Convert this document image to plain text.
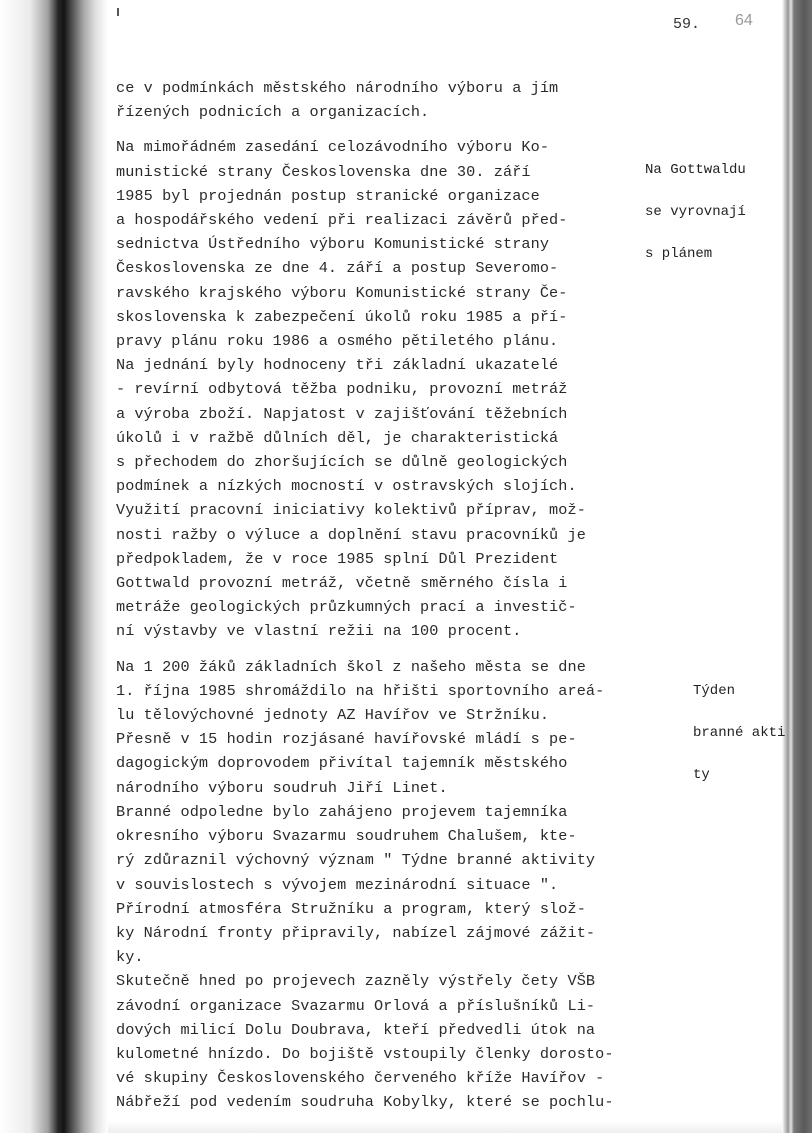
59. 64

Na Gottwaldu

se vyrovnají

s plánem

Týden

branné akti

ty

ce v podmínkách městského národního výboru a jím
řízených podnicích a organizacích.
Na mimořádném zasedání celozávodního výboru Ko-
munistické strany Československa dne 30. září
1985 byl projednán postup stranické organizace
a hospodářského vedení při realizaci závěrů před-
sednictva Ústředního výboru Komunistické strany
Československa ze dne 4. září a postup Severomo-
ravského krajského výboru Komunistické strany Če-
skoslovenska k zabezpečení úkolů roku 1985 a pří-
pravy plánu roku 1986 a osmého pětiletého plánu.
Na jednání byly hodnoceny tři základní ukazatelé
- revírní odbytová těžba podniku, provozní metráž
a výroba zboží. Napjatost v zajišťování těžebních
úkolů i v ražbě důlních děl, je charakteristická
s přechodem do zhoršujících se důlně geologických
podmínek a nízkých mocností v ostravských slojích.
Využití pracovní iniciativy kolektivů příprav, mož-
nosti ražby o výluce a doplnění stavu pracovníků je
předpokladem, že v roce 1985 splní Důl Prezident
Gottwald provozní metráž, včetně směrného čísla i
metráže geologických průzkumných prací a investič-
ní výstavby ve vlastní režii na 100 procent.
Na 1 200 žáků základních škol z našeho města se dne
1. října 1985 shromáždilo na hřišti sportovního areá-
lu tělovýchovné jednoty AZ Havířov ve Stržníku.
Přesně v 15 hodin rozjásané havířovské mládí s pe-
dagogickým doprovodem přivítal tajemník městského
národního výboru soudruh Jiří Linet.
Branné odpoledne bylo zahájeno projevem tajemníka
okresního výboru Svazarmu soudruhem Chalušem, kte-
rý zdůraznil výchovný význam " Týdne branné aktivity
v souvislostech s vývojem mezinárodní situace ".
Přírodní atmosféra Stružníku a program, který slož-
ky Národní fronty připravily, nabízel zájmové zážit-
ky.
Skutečně hned po projevech zazněly výstřely čety VŠB
závodní organizace Svazarmu Orlová a příslušníků Li-
dových milicí Dolu Doubrava, kteří předvedli útok na
kulometné hnízdo. Do bojiště vstoupily členky dorosto-
vé skupiny Československého červeného kříže Havířov -
Nábřeží pod vedením soudruha Kobylky, které se pochlu-
